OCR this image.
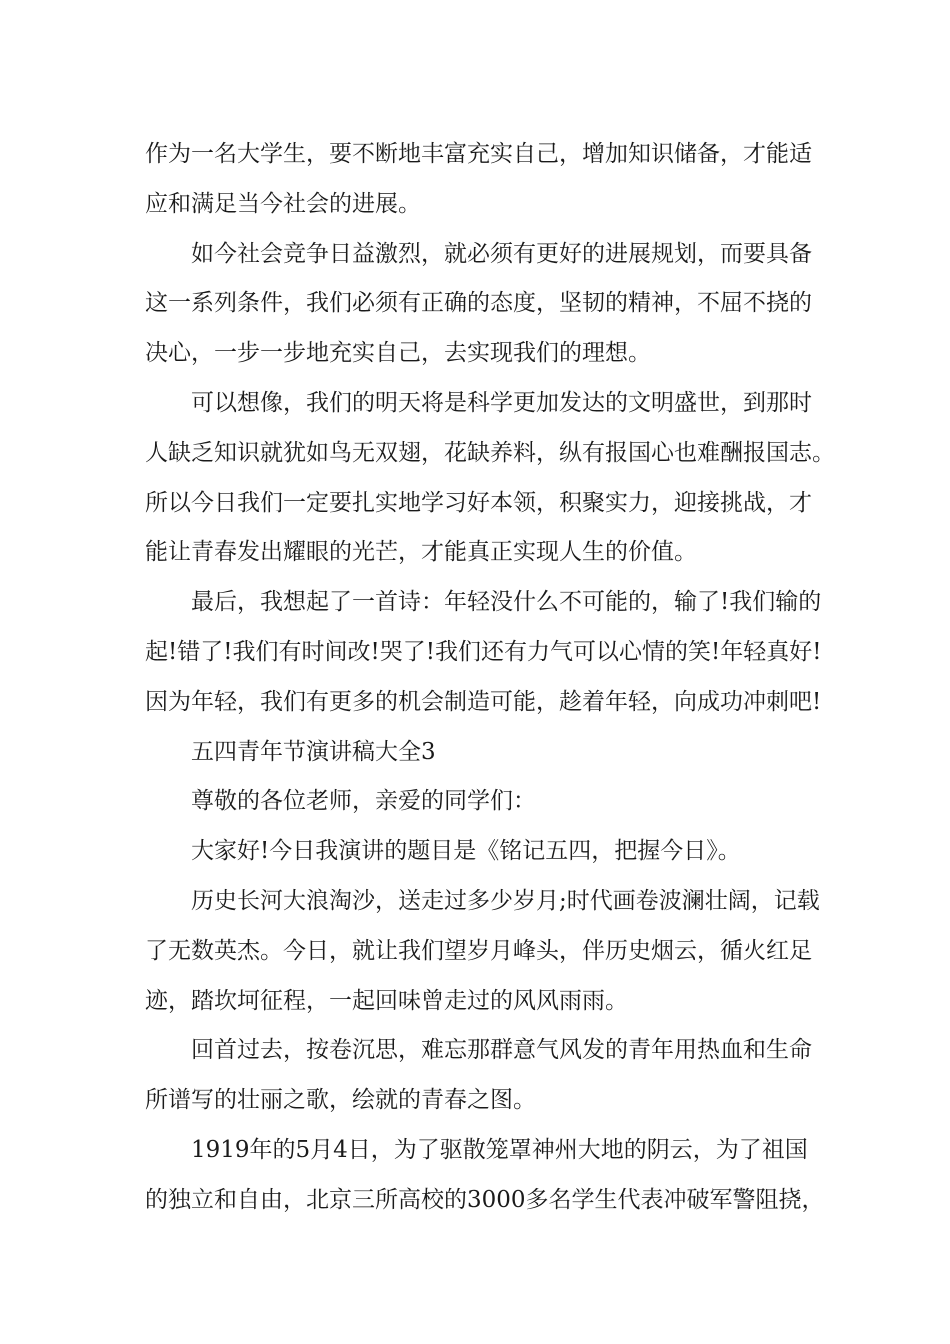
作为一名大学生，要不断地丰富充实自己，增加知识储备，才能适
应和满足当今社会的进展。
如今社会竞争日益激烈，就必须有更好的进展规划，而要具备
这一系列条件，我们必须有正确的态度，坚韧的精神，不屈不挠的
决心，一步一步地充实自己，去实现我们的理想。
可以想像，我们的明天将是科学更加发达的文明盛世，到那时
人缺乏知识就犹如鸟无双翅，花缺养料，纵有报国心也难酬报国志。
所以今日我们一定要扎实地学习好本领，积聚实力，迎接挑战，才
能让青春发出耀眼的光芒，才能真正实现人生的价值。
最后，我想起了一首诗：年轻没什么不可能的，输了!我们输的
起!错了!我们有时间改!哭了!我们还有力气可以心情的笑!年轻真好!
因为年轻，我们有更多的机会制造可能，趁着年轻，向成功冲刺吧!
五四青年节演讲稿大全3
尊敬的各位老师，亲爱的同学们：
大家好!今日我演讲的题目是《铭记五四，把握今日》。
历史长河大浪淘沙，送走过多少岁月;时代画卷波澜壮阔，记载
了无数英杰。今日，就让我们望岁月峰头，伴历史烟云，循火红足
迹，踏坎坷征程，一起回味曾走过的风风雨雨。
回首过去，按卷沉思，难忘那群意气风发的青年用热血和生命
所谱写的壮丽之歌，绘就的青春之图。
1919年的5月4日，为了驱散笼罩神州大地的阴云，为了祖国
的独立和自由，北京三所高校的3000多名学生代表冲破军警阻挠，
